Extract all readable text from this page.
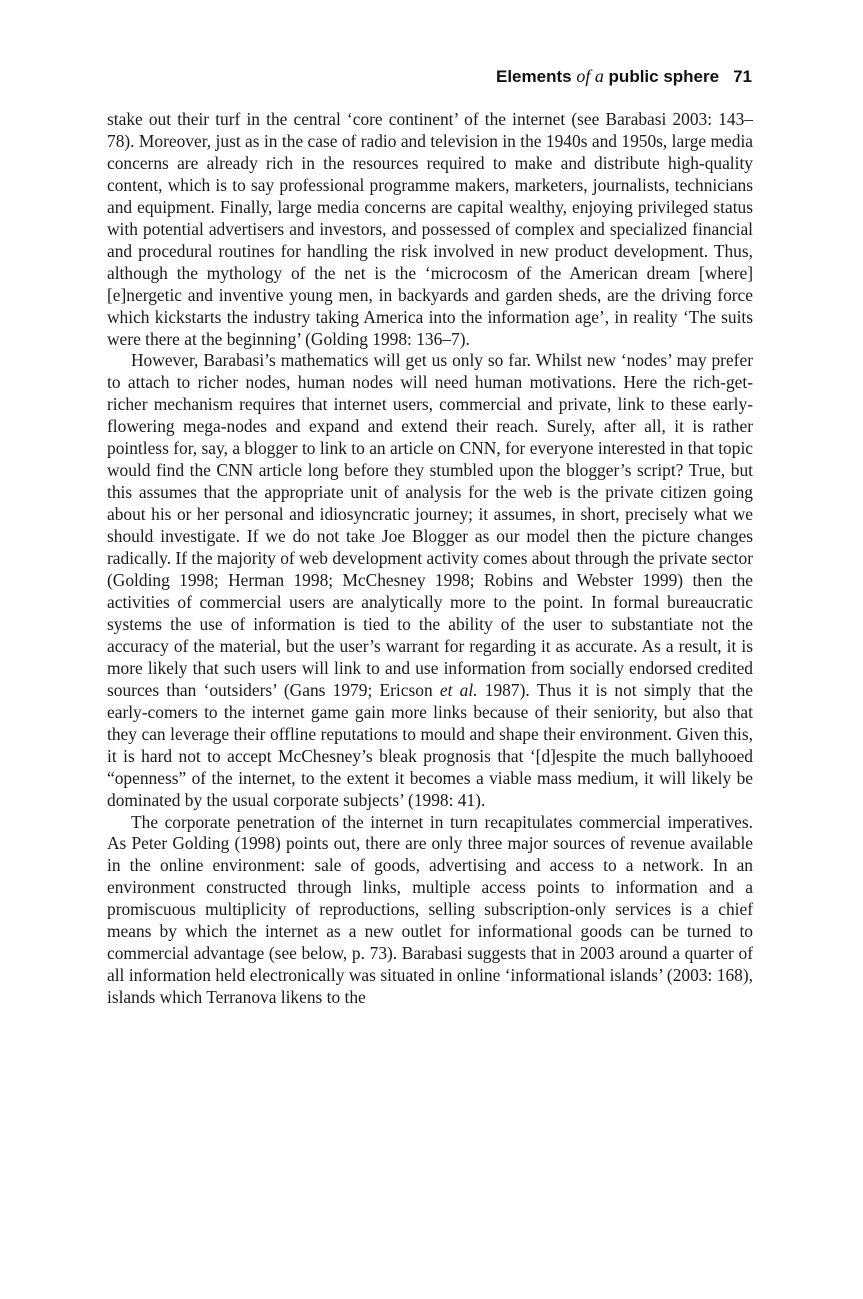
Elements of a public sphere 71

stake out their turf in the central ‘core continent’ of the internet (see Barabasi 2003: 143–78). Moreover, just as in the case of radio and television in the 1940s and 1950s, large media concerns are already rich in the resources required to make and distribute high-quality content, which is to say professional programme makers, marketers, journalists, technicians and equipment. Finally, large media concerns are capital wealthy, enjoying privileged status with potential advertisers and investors, and possessed of complex and specialized financial and procedural routines for handling the risk involved in new product development. Thus, although the mythology of the net is the ‘microcosm of the American dream [where] [e]nergetic and inventive young men, in backyards and garden sheds, are the driving force which kickstarts the industry taking America into the information age’, in reality ‘The suits were there at the beginning’ (Golding 1998: 136–7).

However, Barabasi’s mathematics will get us only so far. Whilst new ‘nodes’ may prefer to attach to richer nodes, human nodes will need human motivations. Here the rich-get-richer mechanism requires that internet users, commercial and private, link to these early-flowering mega-nodes and expand and extend their reach. Surely, after all, it is rather pointless for, say, a blogger to link to an article on CNN, for everyone interested in that topic would find the CNN article long before they stumbled upon the blogger’s script? True, but this assumes that the appropriate unit of analysis for the web is the private citizen going about his or her personal and idiosyncratic journey; it assumes, in short, precisely what we should investigate. If we do not take Joe Blogger as our model then the picture changes radically. If the majority of web development activity comes about through the private sector (Golding 1998; Herman 1998; McChesney 1998; Robins and Webster 1999) then the activities of commercial users are analytically more to the point. In formal bureaucratic systems the use of information is tied to the ability of the user to substantiate not the accuracy of the material, but the user’s warrant for regarding it as accurate. As a result, it is more likely that such users will link to and use information from socially endorsed credited sources than ‘outsiders’ (Gans 1979; Ericson et al. 1987). Thus it is not simply that the early-comers to the internet game gain more links because of their seniority, but also that they can leverage their offline reputations to mould and shape their environment. Given this, it is hard not to accept McChesney’s bleak prognosis that ‘[d]espite the much ballyhooed “openness” of the internet, to the extent it becomes a viable mass medium, it will likely be dominated by the usual corporate subjects’ (1998: 41).

The corporate penetration of the internet in turn recapitulates commercial imperatives. As Peter Golding (1998) points out, there are only three major sources of revenue available in the online environment: sale of goods, advertising and access to a network. In an environment constructed through links, multiple access points to information and a promiscuous multiplicity of reproductions, selling subscription-only services is a chief means by which the internet as a new outlet for informational goods can be turned to commercial advantage (see below, p. 73). Barabasi suggests that in 2003 around a quarter of all information held electronically was situated in online ‘informational islands’ (2003: 168), islands which Terranova likens to the
